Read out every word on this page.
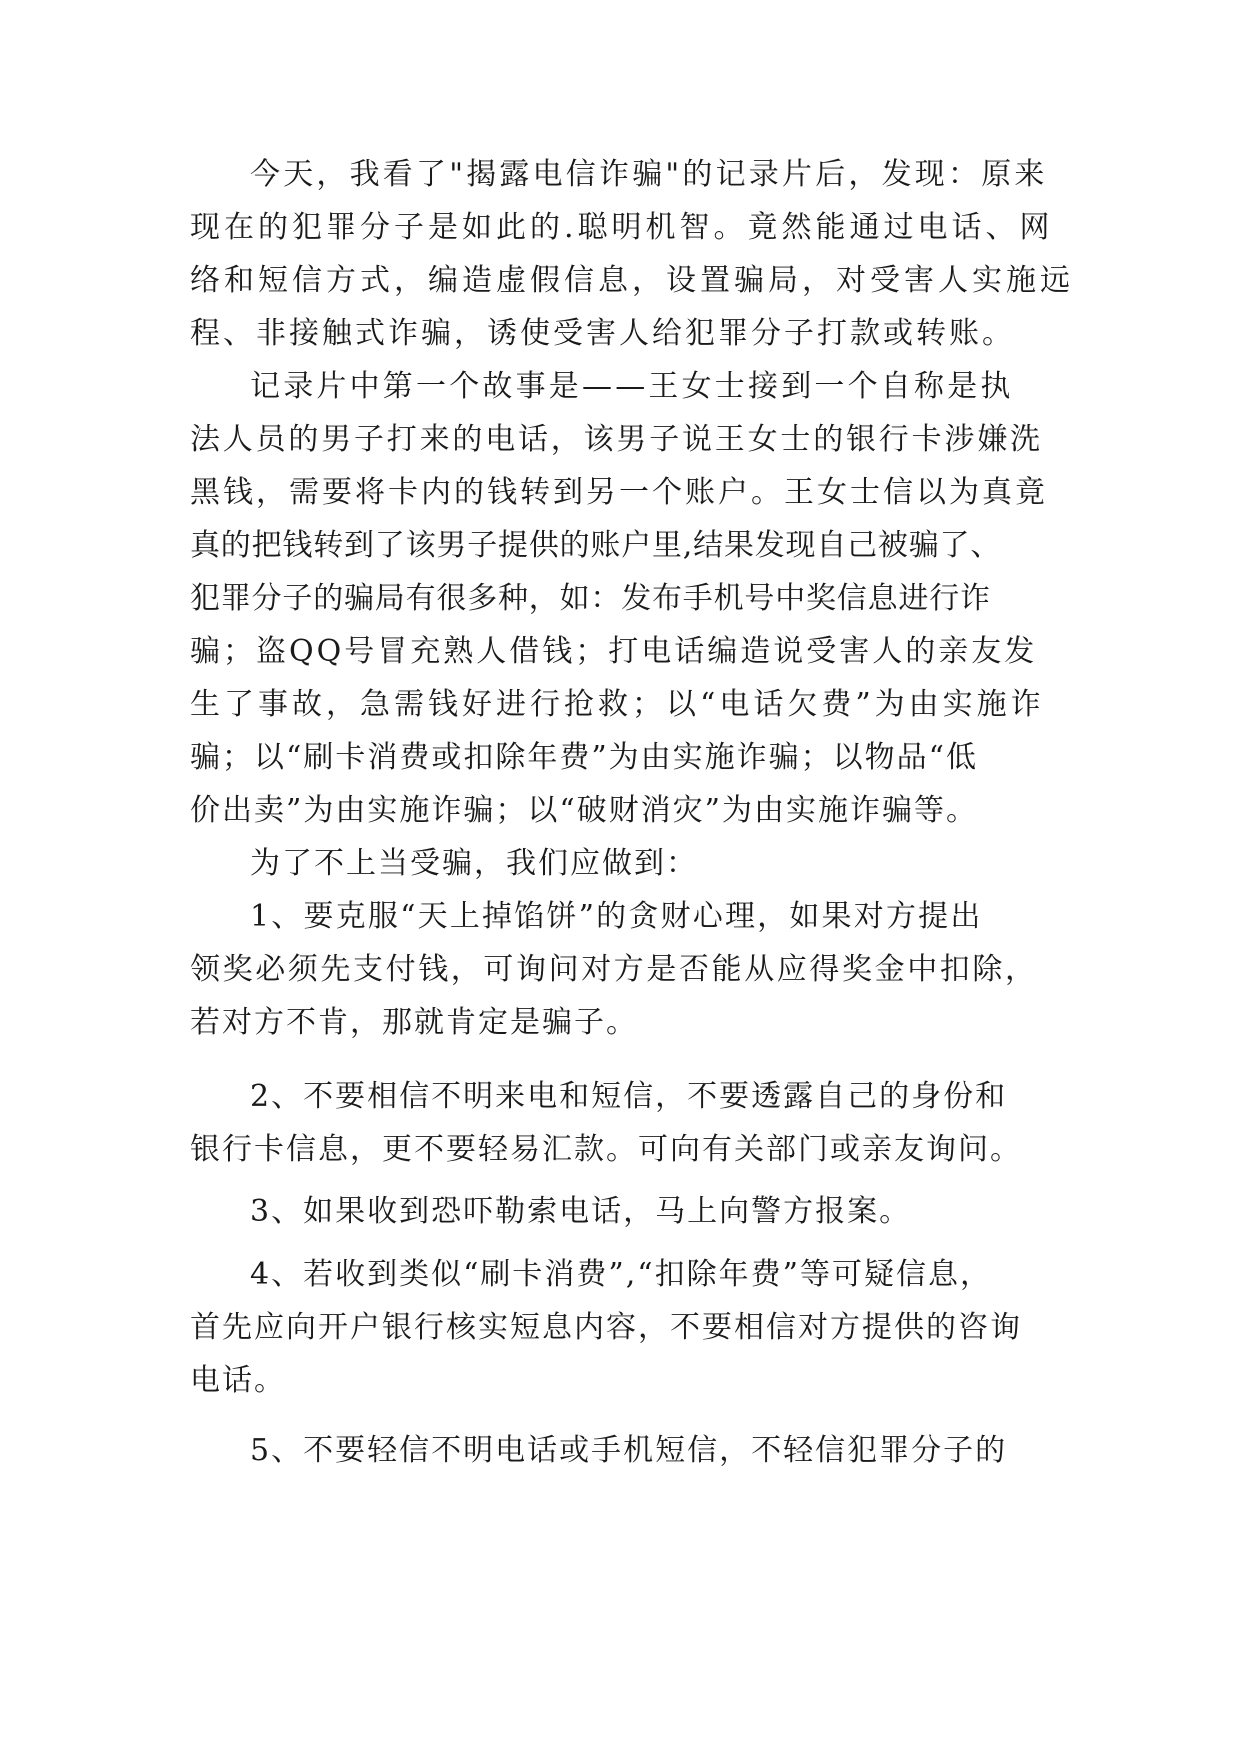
今天，我看了"揭露电信诈骗"的记录片后，发现：原来
现在的犯罪分子是如此的.聪明机智。竟然能通过电话、网
络和短信方式，编造虚假信息，设置骗局，对受害人实施远
程、非接触式诈骗，诱使受害人给犯罪分子打款或转账。
记录片中第一个故事是——王女士接到一个自称是执
法人员的男子打来的电话，该男子说王女士的银行卡涉嫌洗
黑钱，需要将卡内的钱转到另一个账户。王女士信以为真竟
真的把钱转到了该男子提供的账户里,结果发现自己被骗了、
犯罪分子的骗局有很多种，如：发布手机号中奖信息进行诈
骗；盗QQ号冒充熟人借钱；打电话编造说受害人的亲友发
生了事故，急需钱好进行抢救；以“电话欠费”为由实施诈
骗；以“刷卡消费或扣除年费”为由实施诈骗；以物品“低
价出卖”为由实施诈骗；以“破财消灾”为由实施诈骗等。
为了不上当受骗，我们应做到：
1、要克服“天上掉馅饼”的贪财心理，如果对方提出
领奖必须先支付钱，可询问对方是否能从应得奖金中扣除，
若对方不肯，那就肯定是骗子。
2、不要相信不明来电和短信，不要透露自己的身份和
银行卡信息，更不要轻易汇款。可向有关部门或亲友询问。
3、如果收到恐吓勒索电话，马上向警方报案。
4、若收到类似“刷卡消费”,“扣除年费”等可疑信息，
首先应向开户银行核实短息内容，不要相信对方提供的咨询
电话。
5、不要轻信不明电话或手机短信，不轻信犯罪分子的
